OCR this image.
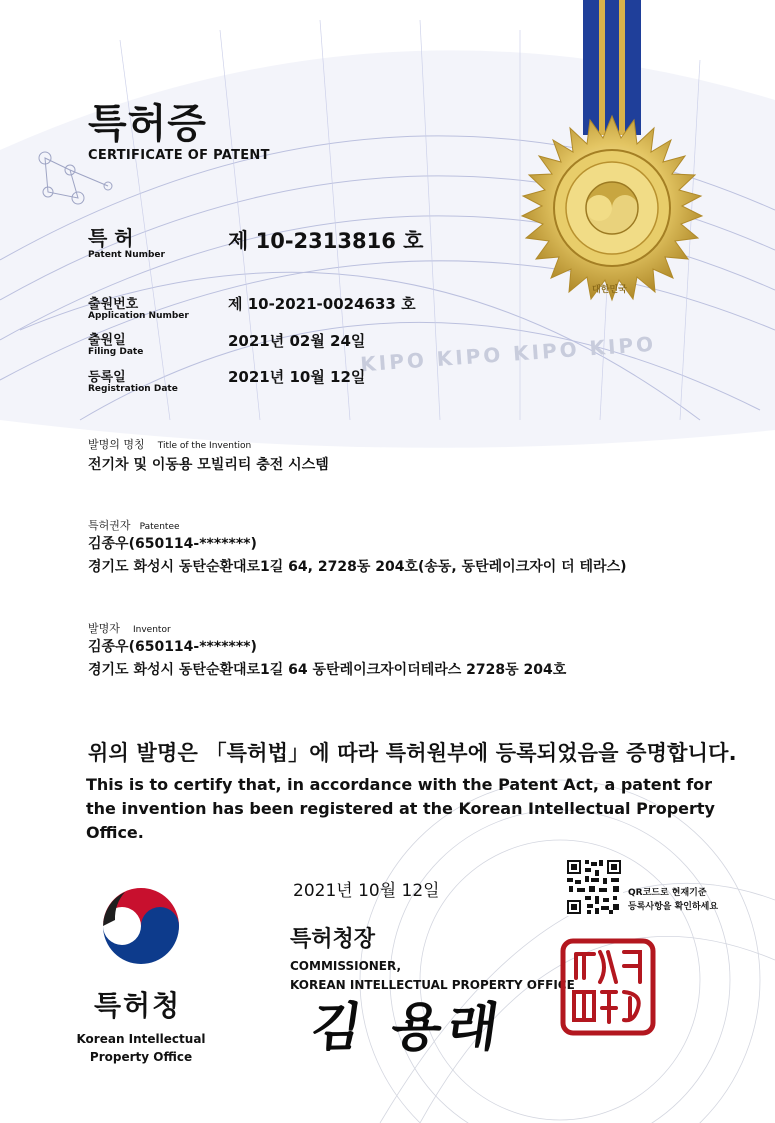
KIPO KIPO KIPO KIPO
대한민국
특허증
CERTIFICATE OF PATENT
특 허
Patent Number
제 10-2313816 호
출원번호
Application Number
제 10-2021-0024633 호
출원일
Filing Date
2021년 02월 24일
등록일
Registration Date
2021년 10월 12일
발명의 명칭 Title of the Invention
전기차 및 이동용 모빌리티 충전 시스템
특허권자 Patentee
김종우(650114-*******)
경기도 화성시 동탄순환대로1길 64, 2728동 204호(송동, 동탄레이크자이 더 테라스)
발명자 Inventor
김종우(650114-*******)
경기도 화성시 동탄순환대로1길 64 동탄레이크자이더테라스 2728동 204호
위의 발명은 「특허법」에 따라 특허원부에 등록되었음을 증명합니다.
This is to certify that, in accordance with the Patent Act, a patent for the invention has been registered at the Korean Intellectual Property Office.
2021년 10월 12일	QR코드로 현재기준
등록사항을 확인하세요
특허청장
COMMISSIONER,
KOREAN INTELLECTUAL PROPERTY OFFICE
김 용래
특허청
Korean Intellectual
Property Office
